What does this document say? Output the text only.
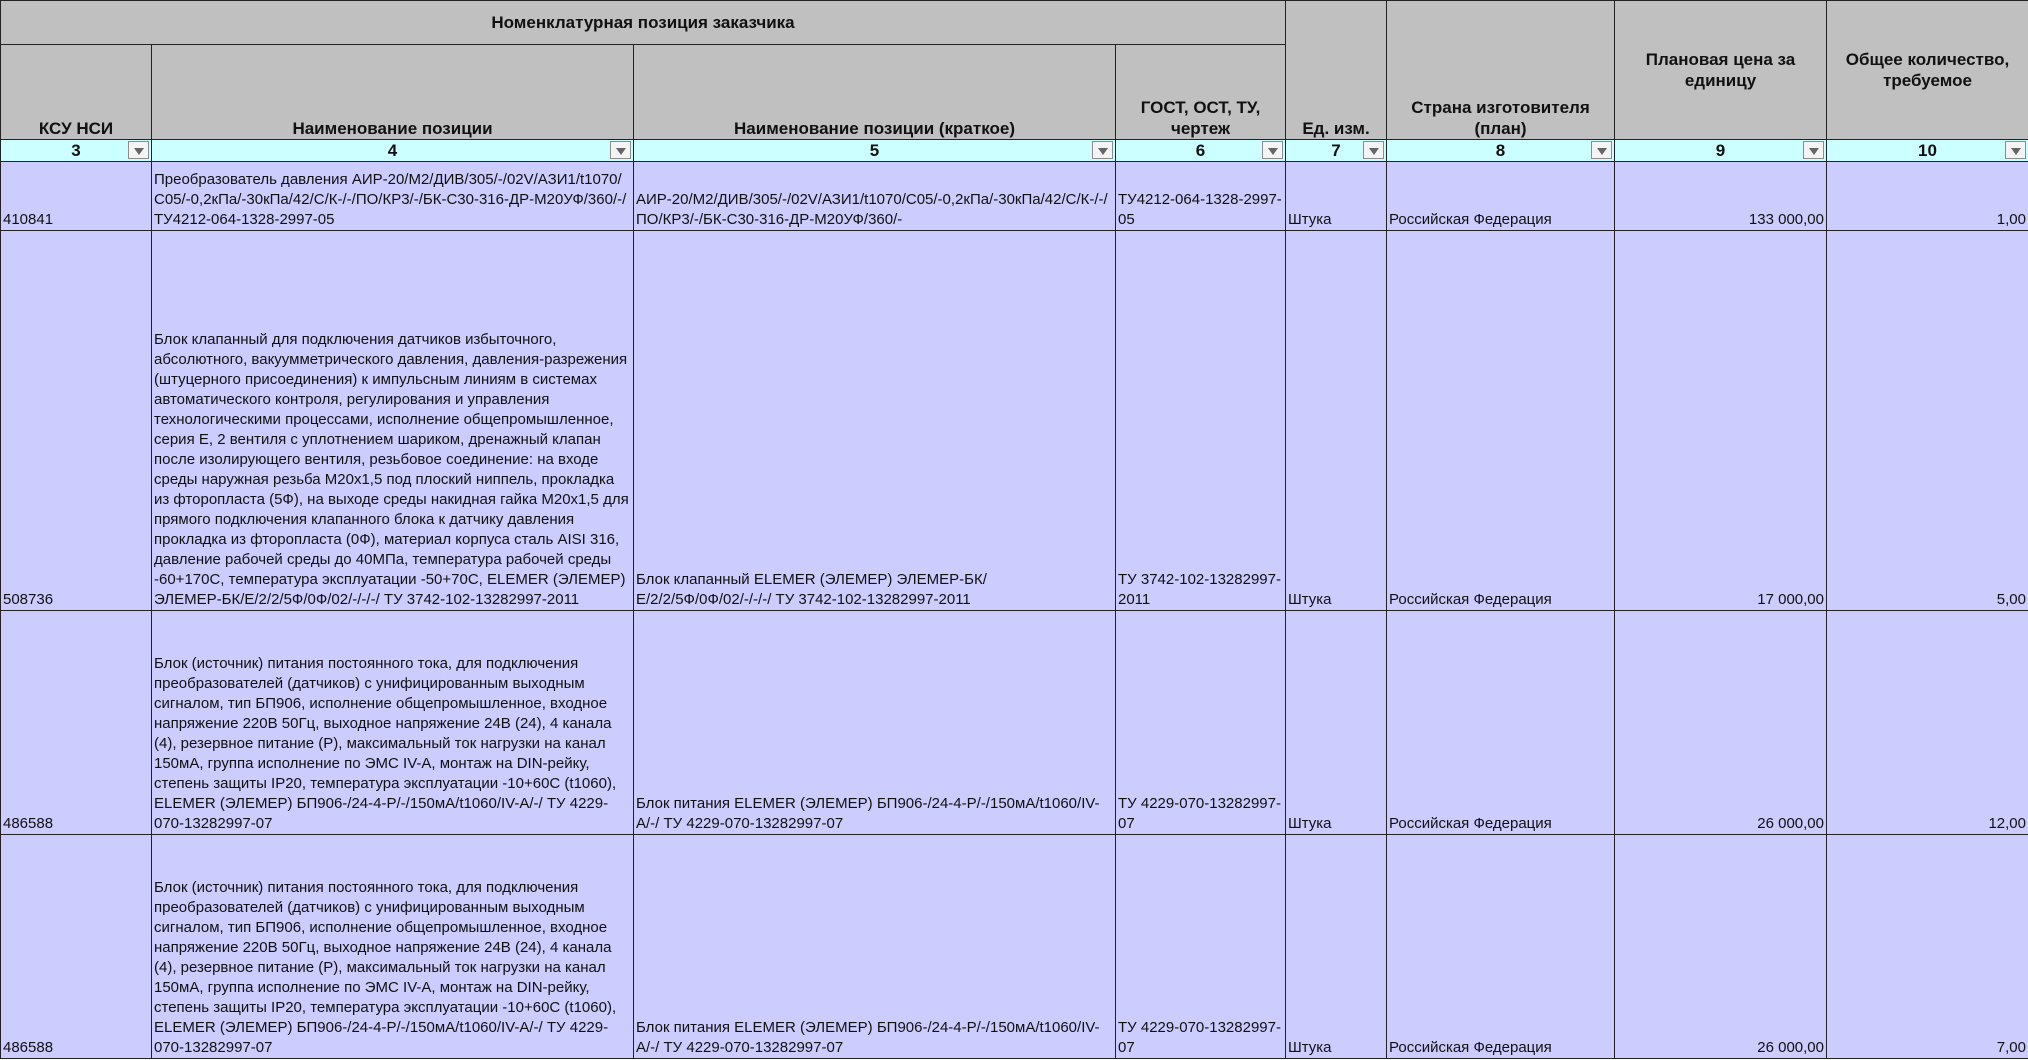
Номенклатурная позиция заказчика				Ед. изм.	Страна изготовителя (план)	Плановая цена за единицу	Общее количество, требуемое
КСУ НСИ	Наименование позиции	Наименование позиции (краткое)	ГОСТ, ОСТ, ТУ, чертеж				
3	4	5	6	7	8	9	10

410841	Преобразователь давления АИР-20/М2/ДИВ/305/-/02V/АЗИ1/t1070/С05/-0,2кПа/-30кПа/42/С/К-/-/ПО/КР3/-/БК-С30-316-ДР-М20УФ/360/-/ ТУ4212-064-1328-2997-05	АИР-20/М2/ДИВ/305/-/02V/АЗИ1/t1070/С05/-0,2кПа/-30кПа/42/С/К-/-/ПО/КР3/-/БК-С30-316-ДР-М20УФ/360/-	ТУ4212-064-1328-2997-05	Штука	Российская Федерация	133 000,00	1,00
508736	Блок клапанный для подключения датчиков избыточного, абсолютного, вакуумметрического давления, давления-разрежения (штуцерного присоединения) к импульсным линиям в системах автоматического контроля, регулирования и управления технологическими процессами, исполнение общепромышленное, серия Е, 2 вентиля с уплотнением шариком, дренажный клапан после изолирующего вентиля, резьбовое соединение: на входе среды наружная резьба М20х1,5 под плоский ниппель, прокладка из фторопласта (5Ф), на выходе среды накидная гайка М20х1,5 для прямого подключения клапанного блока к датчику давления прокладка из фторопласта (0Ф), материал корпуса сталь AISI 316, давление рабочей среды до 40МПа, температура рабочей среды -60+170С, температура эксплуатации -50+70С, ELEMER (ЭЛЕМЕР) ЭЛЕМЕР-БК/Е/2/2/5Ф/0Ф/02/-/-/-/ ТУ 3742-102-13282997-2011	Блок клапанный ELEMER (ЭЛЕМЕР) ЭЛЕМЕР-БК/Е/2/2/5Ф/0Ф/02/-/-/-/ ТУ 3742-102-13282997-2011	ТУ 3742-102-13282997-2011	Штука	Российская Федерация	17 000,00	5,00
486588	Блок (источник) питания постоянного тока, для подключения преобразователей (датчиков) с унифицированным выходным сигналом, тип БП906, исполнение общепромышленное, входное напряжение 220В 50Гц, выходное напряжение 24В (24), 4 канала (4), резервное питание (Р), максимальный ток нагрузки на канал 150мА, группа исполнение по ЭМС IV-A, монтаж на DIN-рейку, степень защиты IP20, температура эксплуатации -10+60С (t1060), ELEMER (ЭЛЕМЕР) БП906-/24-4-Р/-/150мА/t1060/IV-A/-/ ТУ 4229-070-13282997-07	Блок питания ELEMER (ЭЛЕМЕР) БП906-/24-4-Р/-/150мА/t1060/IV-A/-/ ТУ 4229-070-13282997-07	ТУ 4229-070-13282997-07	Штука	Российская Федерация	26 000,00	12,00
486588	Блок (источник) питания постоянного тока, для подключения преобразователей (датчиков) с унифицированным выходным сигналом, тип БП906, исполнение общепромышленное, входное напряжение 220В 50Гц, выходное напряжение 24В (24), 4 канала (4), резервное питание (Р), максимальный ток нагрузки на канал 150мА, группа исполнение по ЭМС IV-A, монтаж на DIN-рейку, степень защиты IP20, температура эксплуатации -10+60С (t1060), ELEMER (ЭЛЕМЕР) БП906-/24-4-Р/-/150мА/t1060/IV-A/-/ ТУ 4229-070-13282997-07	Блок питания ELEMER (ЭЛЕМЕР) БП906-/24-4-Р/-/150мА/t1060/IV-A/-/ ТУ 4229-070-13282997-07	ТУ 4229-070-13282997-07	Штука	Российская Федерация	26 000,00	7,00
